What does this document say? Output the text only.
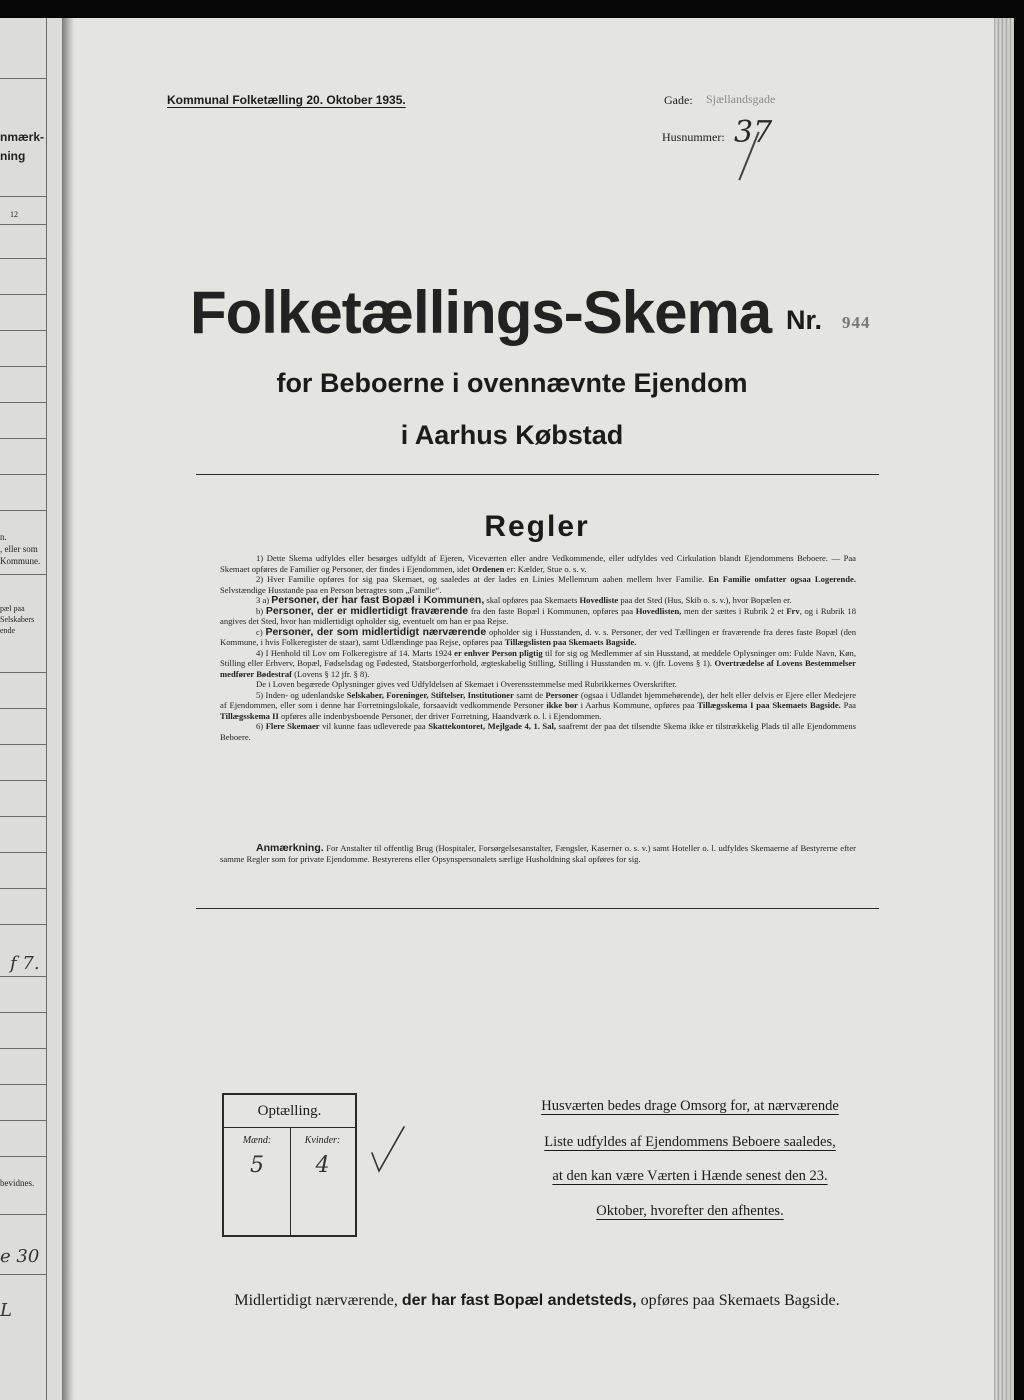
nmærk-
ning
12
n.
, eller som
Kommune.
pæl paa
Selskabers
ende
f 7.
bevidnes.
e 30
L
Kommunal Folketælling 20. Oktober 1935.	Gade: Sjællandsgade
Husnummer: 37
Folketællings-Skema Nr. 944
for Beboerne i ovennævnte Ejendom
i Aarhus Købstad
Regler

1) Dette Skema udfyldes eller besørges udfyldt af Ejeren, Viceværten eller andre Vedkommende, eller udfyldes ved Cirkulation blandt Ejendommens Beboere. — Paa Skemaet opføres de Familier og Personer, der findes i Ejendommen, idet Ordenen er: Kælder, Stue o. s. v.

2) Hver Familie opføres for sig paa Skemaet, og saaledes at der lades en Linies Mellemrum aaben mellem hver Familie. En Familie omfatter ogsaa Logerende. Selvstændige Husstande paa en Person betragtes som „Familie“.

3 a) Personer, der har fast Bopæl i Kommunen, skal opføres paa Skemaets Hovedliste paa det Sted (Hus, Skib o. s. v.), hvor Bopælen er.

b) Personer, der er midlertidigt fraværende fra den faste Bopæl i Kommunen, opføres paa Hovedlisten, men der sættes i Rubrik 2 et Frv, og i Rubrik 18 angives det Sted, hvor han midlertidigt opholder sig, eventuelt om han er paa Rejse.

c) Personer, der som midlertidigt nærværende opholder sig i Husstanden, d. v. s. Personer, der ved Tællingen er fraværende fra deres faste Bopæl (den Kommune, i hvis Folkeregister de staar), samt Udlændinge paa Rejse, opføres paa Tillægslisten paa Skemaets Bagside.

4) I Henhold til Lov om Folkeregistre af 14. Marts 1924 er enhver Person pligtig til for sig og Medlemmer af sin Husstand, at meddele Oplysninger om: Fulde Navn, Køn, Stilling eller Erhverv, Bopæl, Fødselsdag og Fødested, Statsborgerforhold, ægteskabelig Stilling, Stilling i Husstanden m. v. (jfr. Lovens § 1). Overtrædelse af Lovens Bestemmelser medfører Bødestraf (Lovens § 12 jfr. § 8).

De i Loven begærede Oplysninger gives ved Udfyldelsen af Skemaet i Overensstemmelse med Rubrikkernes Overskrifter.

5) Inden- og udenlandske Selskaber, Foreninger, Stiftelser, Institutioner samt de Personer (ogsaa i Udlandet hjemmehørende), der helt eller delvis er Ejere eller Medejere af Ejendommen, eller som i denne har Forretningslokale, forsaavidt vedkommende Personer ikke bor i Aarhus Kommune, opføres paa Tillægsskema I paa Skemaets Bagside. Paa Tillægsskema II opføres alle indenbysboende Personer, der driver Forretning, Haandværk o. l. i Ejendommen.

6) Flere Skemaer vil kunne faas udleverede paa Skattekontoret, Mejlgade 4, 1. Sal, saafremt der paa det tilsendte Skema ikke er tilstrækkelig Plads til alle Ejendommens Beboere.

Anmærkning. For Anstalter til offentlig Brug (Hospitaler, Forsørgelsesanstalter, Fængsler, Kaserner o. s. v.) samt Hoteller o. l. udfyldes Skemaerne af Bestyrerne efter samme Regler som for private Ejendomme. Bestyrerens eller Opsynspersonalets særlige Husholdning skal opføres for sig.
Optælling.
Mænd:	Kvinder:
5	4
Husværten bedes drage Omsorg for, at nærværende
Liste udfyldes af Ejendommens Beboere saaledes,
at den kan være Værten i Hænde senest den 23.
Oktober, hvorefter den afhentes.
Midlertidigt nærværende, der har fast Bopæl andetsteds, opføres paa Skemaets Bagside.
